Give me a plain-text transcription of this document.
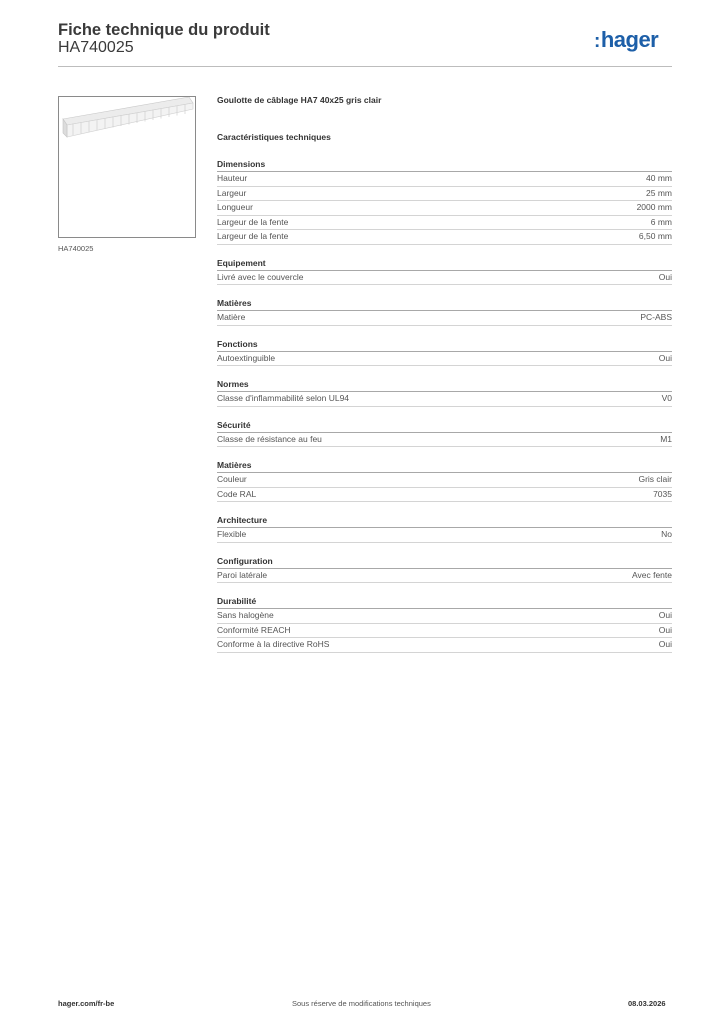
Fiche technique du produit
HA740025	:hager
HA740025
Goulotte de câblage HA7 40x25 gris clair
Caractéristiques techniques
Dimensions
Hauteur	40 mm
Largeur	25 mm
Longueur	2000 mm
Largeur de la fente	6 mm
Largeur de la fente	6,50 mm
Equipement
Livré avec le couvercle	Oui
Matières
Matière	PC-ABS
Fonctions
Autoextinguible	Oui
Normes
Classe d'inflammabilité selon UL94	V0
Sécurité
Classe de résistance au feu	M1
Matières
Couleur	Gris clair
Code RAL	7035
Architecture
Flexible	No
Configuration
Paroi latérale	Avec fente
Durabilité
Sans halogène	Oui
Conformité REACH	Oui
Conforme à la directive RoHS	Oui
hager.com/fr-be	Sous réserve de modifications techniques	08.03.2026
